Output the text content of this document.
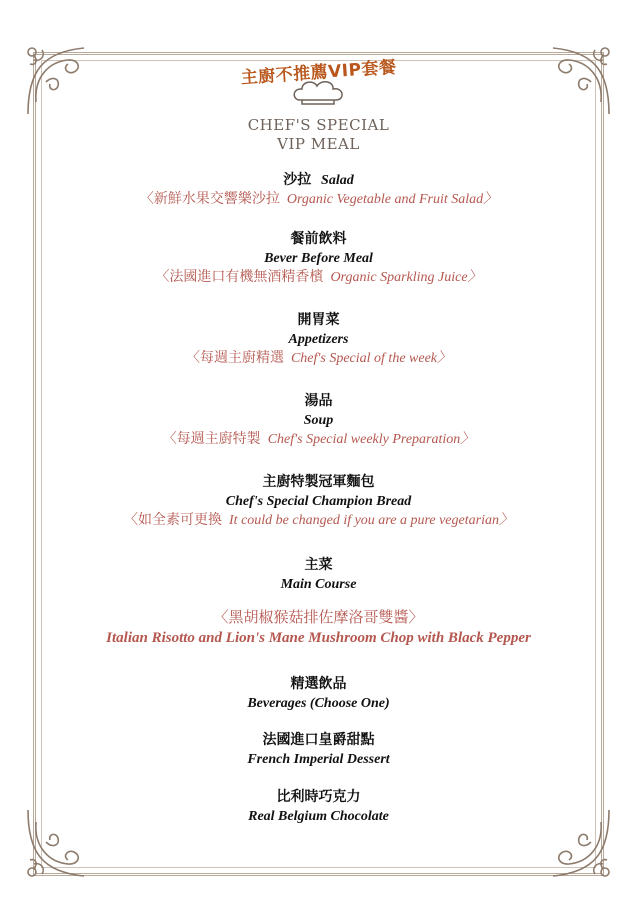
主廚不推薦VIP套餐
CHEF'S SPECIAL
VIP MEAL
沙拉 Salad
〈新鮮水果交響樂沙拉 Organic Vegetable and Fruit Salad〉
餐前飲料
Bever Before Meal
〈法國進口有機無酒精香檳 Organic Sparkling Juice〉
開胃菜
Appetizers
〈每週主廚精選 Chef's Special of the week〉
湯品
Soup
〈每週主廚特製 Chef's Special weekly Preparation〉
主廚特製冠軍麵包
Chef's Special Champion Bread
〈如全素可更換 It could be changed if you are a pure vegetarian〉
主菜
Main Course
〈黑胡椒猴菇排佐摩洛哥雙醬〉
Italian Risotto and Lion's Mane Mushroom Chop with Black Pepper
精選飲品
Beverages (Choose One)
法國進口皇爵甜點
French Imperial Dessert
比利時巧克力
Real Belgium Chocolate
